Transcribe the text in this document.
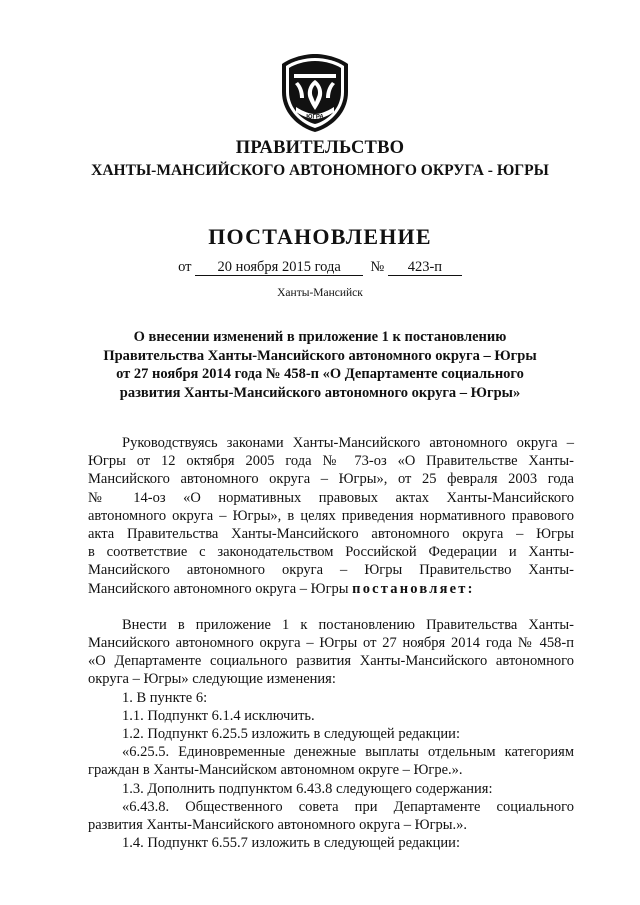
ЮГРА
ПРАВИТЕЛЬСТВО
ХАНТЫ-МАНСИЙСКОГО АВТОНОМНОГО ОКРУГА - ЮГРЫ
ПОСТАНОВЛЕНИЕ
от 20 ноября 2015 года № 423-п
Ханты-Мансийск
О внесении изменений в приложение 1 к постановлению
Правительства Ханты-Мансийского автономного округа – Югры
от 27 ноября 2014 года № 458-п «О Департаменте социального
развития Ханты-Мансийского автономного округа – Югры»
Руководствуясь законами Ханты-Мансийского автономного округа –
Югры от 12 октября 2005 года № 73-оз «О Правительстве Ханты-
Мансийского автономного округа – Югры», от 25 февраля 2003 года
№ 14-оз «О нормативных правовых актах Ханты-Мансийского
автономного округа – Югры», в целях приведения нормативного правового
акта Правительства Ханты-Мансийского автономного округа – Югры
в соответствие с законодательством Российской Федерации и Ханты-
Мансийского автономного округа – Югры Правительство Ханты-
Мансийского автономного округа – Югры постановляет:
Внести в приложение 1 к постановлению Правительства Ханты-
Мансийского автономного округа – Югры от 27 ноября 2014 года № 458-п
«О Департаменте социального развития Ханты-Мансийского автономного
округа – Югры» следующие изменения:
1. В пункте 6:
1.1. Подпункт 6.1.4 исключить.
1.2. Подпункт 6.25.5 изложить в следующей редакции:
«6.25.5. Единовременные денежные выплаты отдельным категориям
граждан в Ханты-Мансийском автономном округе – Югре.».
1.3. Дополнить подпунктом 6.43.8 следующего содержания:
«6.43.8. Общественного совета при Департаменте социального
развития Ханты-Мансийского автономного округа – Югры.».
1.4. Подпункт 6.55.7 изложить в следующей редакции:
